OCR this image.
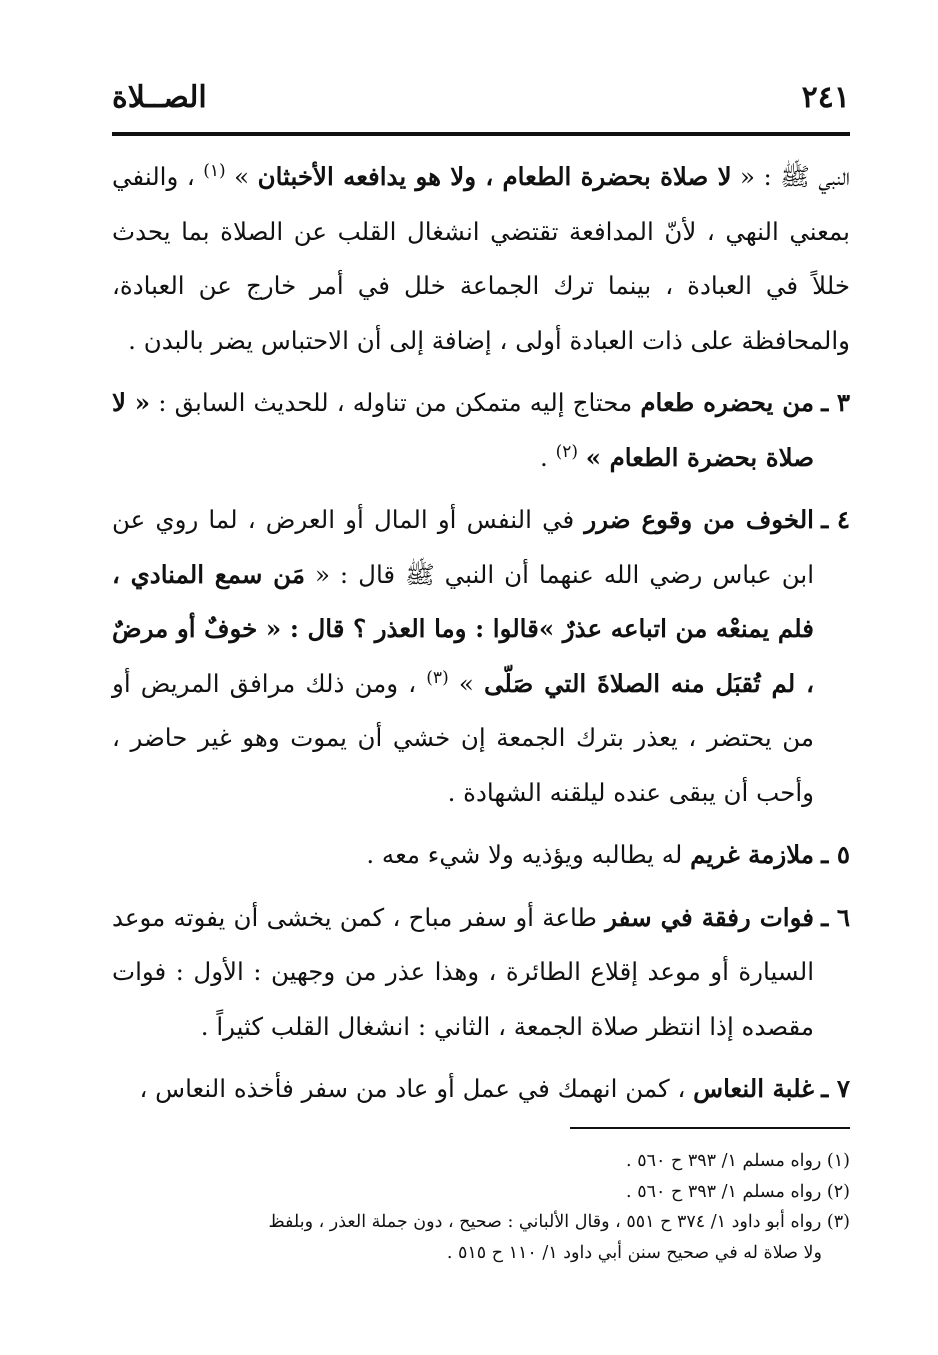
٢٤١
الصــلاة

النبي ﷺ : « لا صلاة بحضرة الطعام ، ولا هو يدافعه الأخبثان » $^{(١)}$ ، والنفي بمعني النهي ، لأنّ المدافعة تقتضي انشغال القلب عن الصلاة بما يحدث خللاً في العبادة ، بينما ترك الجماعة خلل في أمر خارج عن العبادة، والمحافظة على ذات العبادة أولى ، إضافة إلى أن الاحتباس يضر بالبدن .

٣ ـ
من يحضره طعام محتاج إليه متمكن من تناوله ، للحديث السابق : « لا صلاة بحضرة الطعام » $^{(٢)}$ .

٤ ـ
الخوف من وقوع ضرر في النفس أو المال أو العرض ، لما روي عن ابن عباس رضي الله عنهما أن النبي ﷺ قال : « مَن سمع المنادي ، فلم يمنعْه من اتباعه عذرٌ »قالوا : وما العذر ؟ قال : « خوفٌ أو مرضٌ ، لم تُقبَل منه الصلاةَ التي صَلّى » $^{(٣)}$ ، ومن ذلك مرافق المريض أو من يحتضر ، يعذر بترك الجمعة إن خشي أن يموت وهو غير حاضر ، وأحب أن يبقى عنده ليلقنه الشهادة .

٥ ـ
ملازمة غريم له يطالبه ويؤذيه ولا شيء معه .

٦ ـ
فوات رفقة في سفر طاعة أو سفر مباح ، كمن يخشى أن يفوته موعد السيارة أو موعد إقلاع الطائرة ، وهذا عذر من وجهين : الأول : فوات مقصده إذا انتظر صلاة الجمعة ، الثاني : انشغال القلب كثيراً .

٧ ـ
غلبة النعاس ، كمن انهمك في عمل أو عاد من سفر فأخذه النعاس ،

(١) رواه مسلم ١/ ٣٩٣ ح ٥٦٠ .

(٢) رواه مسلم ١/ ٣٩٣ ح ٥٦٠ .

(٣) رواه أبو داود ١/ ٣٧٤ ح ٥٥١ ، وقال الألباني : صحيح ، دون جملة العذر ، وبلفظ

ولا صلاة له في صحيح سنن أبي داود ١/ ١١٠ ح ٥١٥ .
